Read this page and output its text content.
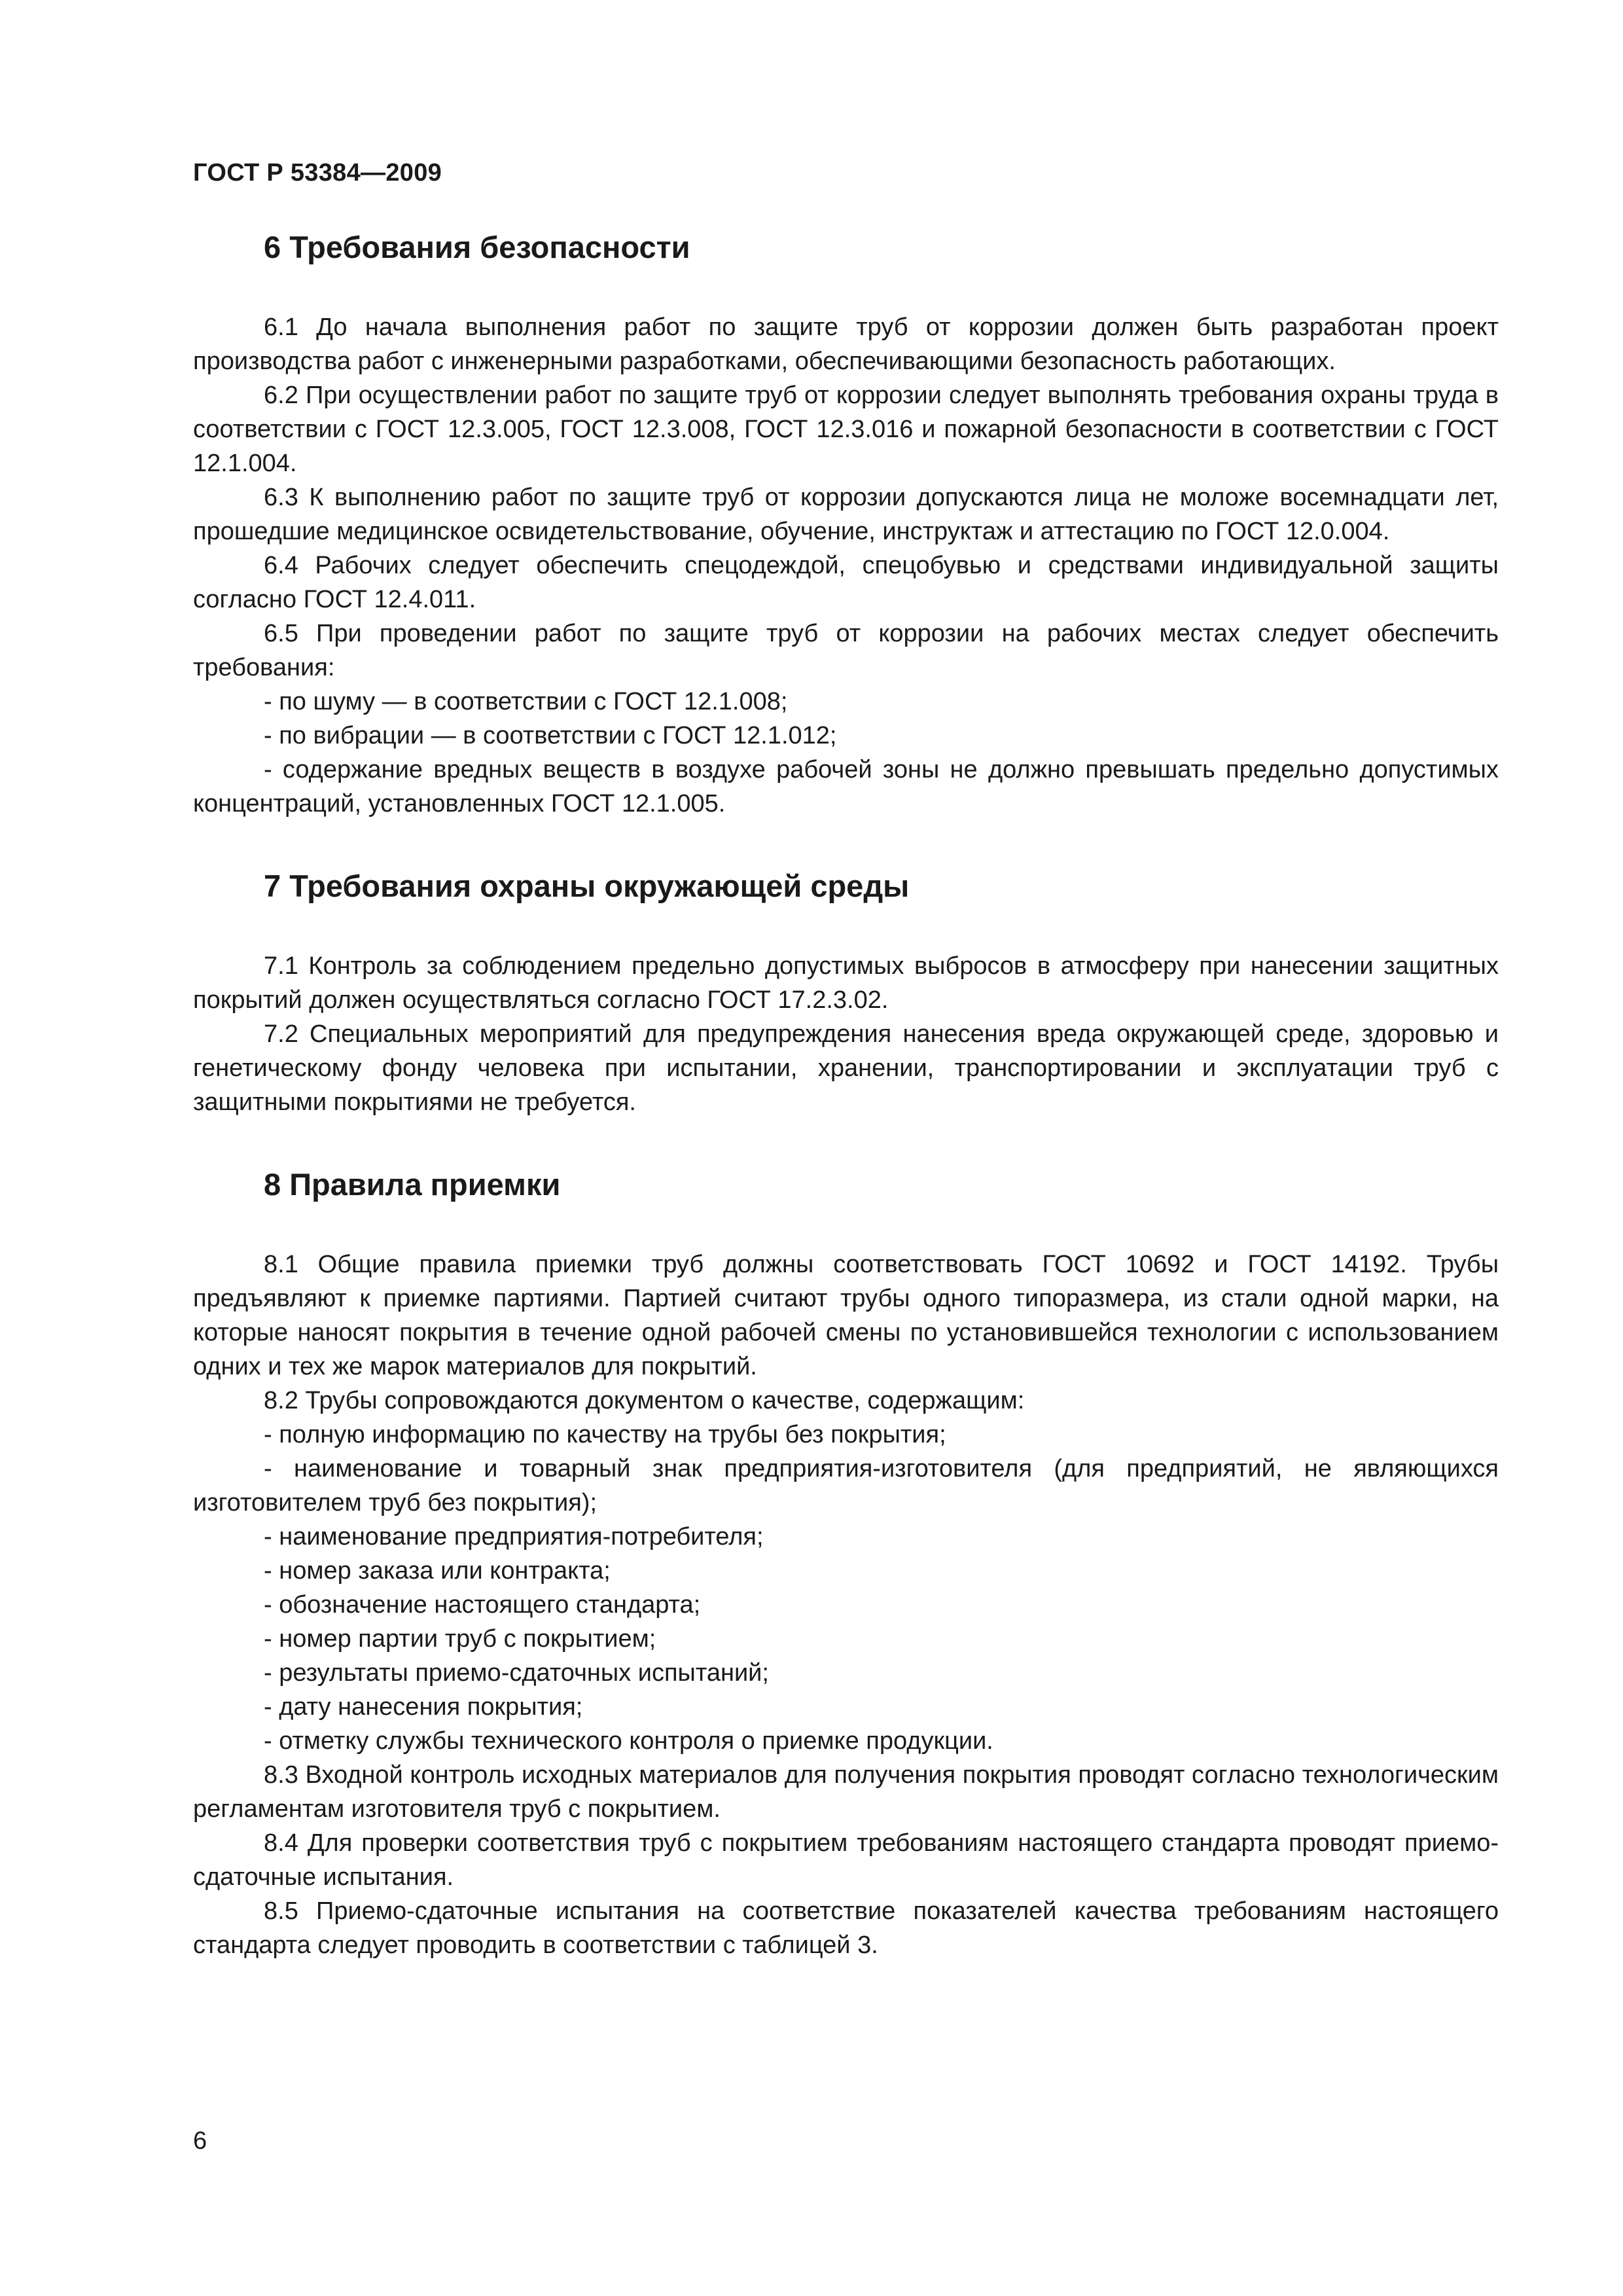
ГОСТ Р 53384—2009
6 Требования безопасности

6.1 До начала выполнения работ по защите труб от коррозии должен быть разработан проект производства работ с инженерными разработками, обеспечивающими безопасность работающих.

6.2 При осуществлении работ по защите труб от коррозии следует выполнять требования охраны труда в соответствии с ГОСТ 12.3.005, ГОСТ 12.3.008, ГОСТ 12.3.016 и пожарной безопасности в соответствии с ГОСТ 12.1.004.

6.3 К выполнению работ по защите труб от коррозии допускаются лица не моложе восемнадцати лет, прошедшие медицинское освидетельствование, обучение, инструктаж и аттестацию по ГОСТ 12.0.004.

6.4 Рабочих следует обеспечить спецодеждой, спецобувью и средствами индивидуальной защиты согласно ГОСТ 12.4.011.

6.5 При проведении работ по защите труб от коррозии на рабочих местах следует обеспечить требования:

- по шуму — в соответствии с ГОСТ 12.1.008;

- по вибрации — в соответствии с ГОСТ 12.1.012;

- содержание вредных веществ в воздухе рабочей зоны не должно превышать предельно допустимых концентраций, установленных ГОСТ 12.1.005.

7 Требования охраны окружающей среды

7.1 Контроль за соблюдением предельно допустимых выбросов в атмосферу при нанесении защитных покрытий должен осуществляться согласно ГОСТ 17.2.3.02.

7.2 Специальных мероприятий для предупреждения нанесения вреда окружающей среде, здоровью и генетическому фонду человека при испытании, хранении, транспортировании и эксплуатации труб с защитными покрытиями не требуется.

8 Правила приемки

8.1 Общие правила приемки труб должны соответствовать ГОСТ 10692 и ГОСТ 14192. Трубы предъявляют к приемке партиями. Партией считают трубы одного типоразмера, из стали одной марки, на которые наносят покрытия в течение одной рабочей смены по установившейся технологии с использованием одних и тех же марок материалов для покрытий.

8.2 Трубы сопровождаются документом о качестве, содержащим:

- полную информацию по качеству на трубы без покрытия;

- наименование и товарный знак предприятия-изготовителя (для предприятий, не являющихся изготовителем труб без покрытия);

- наименование предприятия-потребителя;

- номер заказа или контракта;

- обозначение настоящего стандарта;

- номер партии труб с покрытием;

- результаты приемо-сдаточных испытаний;

- дату нанесения покрытия;

- отметку службы технического контроля о приемке продукции.

8.3 Входной контроль исходных материалов для получения покрытия проводят согласно технологическим регламентам изготовителя труб с покрытием.

8.4 Для проверки соответствия труб с покрытием требованиям настоящего стандарта проводят приемо-сдаточные испытания.

8.5 Приемо-сдаточные испытания на соответствие показателей качества требованиям настоящего стандарта следует проводить в соответствии с таблицей 3.

6
